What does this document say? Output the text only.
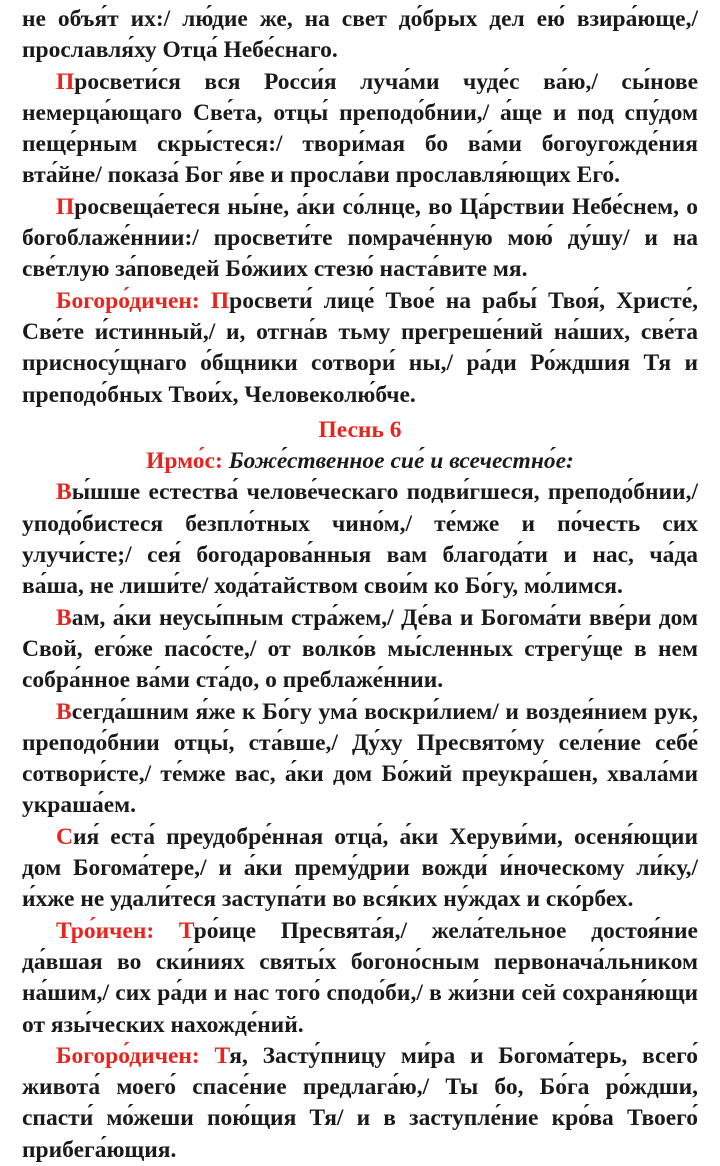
не объя́т их:/ лю́дие же, на свет до́брых дел ею́ взира́ющe,/ прославля́ху Отца́ Небе́снаго.

Просвети́ся вся Росси́я луча́ми чуде́с ва́ю,/ сы́нове немерца́ющаго Све́та, отцы́ преподо́бнии,/ а́ще и под спу́дом пеще́рным скры́стеся:/ твори́мая бо ва́ми богоугожде́ния вта́йне/ показа́ Бог я́ве и просла́ви прославля́ющих Его́.

Просвеща́етеся ны́не, а́ки со́лнце, во Ца́рствии Небе́снем, о богоблаже́ннии:/ просвети́те помраче́нную мою́ ду́шу/ и на све́тлую за́поведей Бо́жиих стезю́ наста́вите мя.

Богоро́дичен: Просвети́ лице́ Твое́ на рабы́ Твоя́, Христе́, Све́те и́стинный,/ и, отгна́в тьму прегреше́ний на́ших, све́та присносу́щнаго о́бщники сотвори́ ны,/ ра́ди Ро́ждшия Тя и преподо́бных Твои́х, Человеколю́бче.

Песнь 6

Ирмо́с: Боже́ственное сие́ и всечестно́е:

Вы́шше естества́ челове́ческаго подви́гшеся, преподо́бнии,/ уподо́бистеся безпло́тных чино́м,/ те́мже и по́честь сих улучи́сте;/ сея́ богодарова́нныя вам благода́ти и нас, ча́да ва́ша, не лиши́те/ хода́тайством свои́м ко Бо́гу, мо́лимся.

Вам, а́ки неусы́пным стра́жем,/ Де́ва и Богома́ти вве́ри дом Свой, его́же пасо́сте,/ от волко́в мы́сленных стрегу́ще в нем собра́нное ва́ми ста́до, о преблаже́ннии.

Всегда́шним я́же к Бо́гу ума́ воскри́лием/ и воздея́нием рук, преподо́бнии отцы́, ста́вше,/ Ду́ху Пресвято́му селе́ние себе́ сотвори́сте,/ те́мже вас, а́ки дом Бо́жий преукра́шен, хвала́ми украша́ем.

Сия́ еста́ преудобре́нная отца́, а́ки Херуви́ми, осеня́ющии дом Богома́тере,/ и а́ки прему́дрии вожди́ и́ноческому ли́ку,/ и́хже не удали́тeся заступа́ти во вся́ких ну́ждах и ско́рбех.

Тро́ичен: Тро́ице Пресвята́я,/ жела́тельное достоя́ние да́вшая во ски́ниях святы́х богоно́сным первонача́льником на́шим,/ сих ра́ди и нас того́ сподо́би,/ в жи́зни сей сохраня́ющи от язы́ческих нахожде́ний.

Богоро́дичен: Тя, Засту́пницу ми́ра и Богома́терь, всего́ живота́ моего́ спасе́ние предлага́ю,/ Ты бо, Бо́га ро́ждши, спасти́ мо́жеши пою́щия Тя/ и в заступле́ние кро́ва Твоего́ прибега́ющия.
